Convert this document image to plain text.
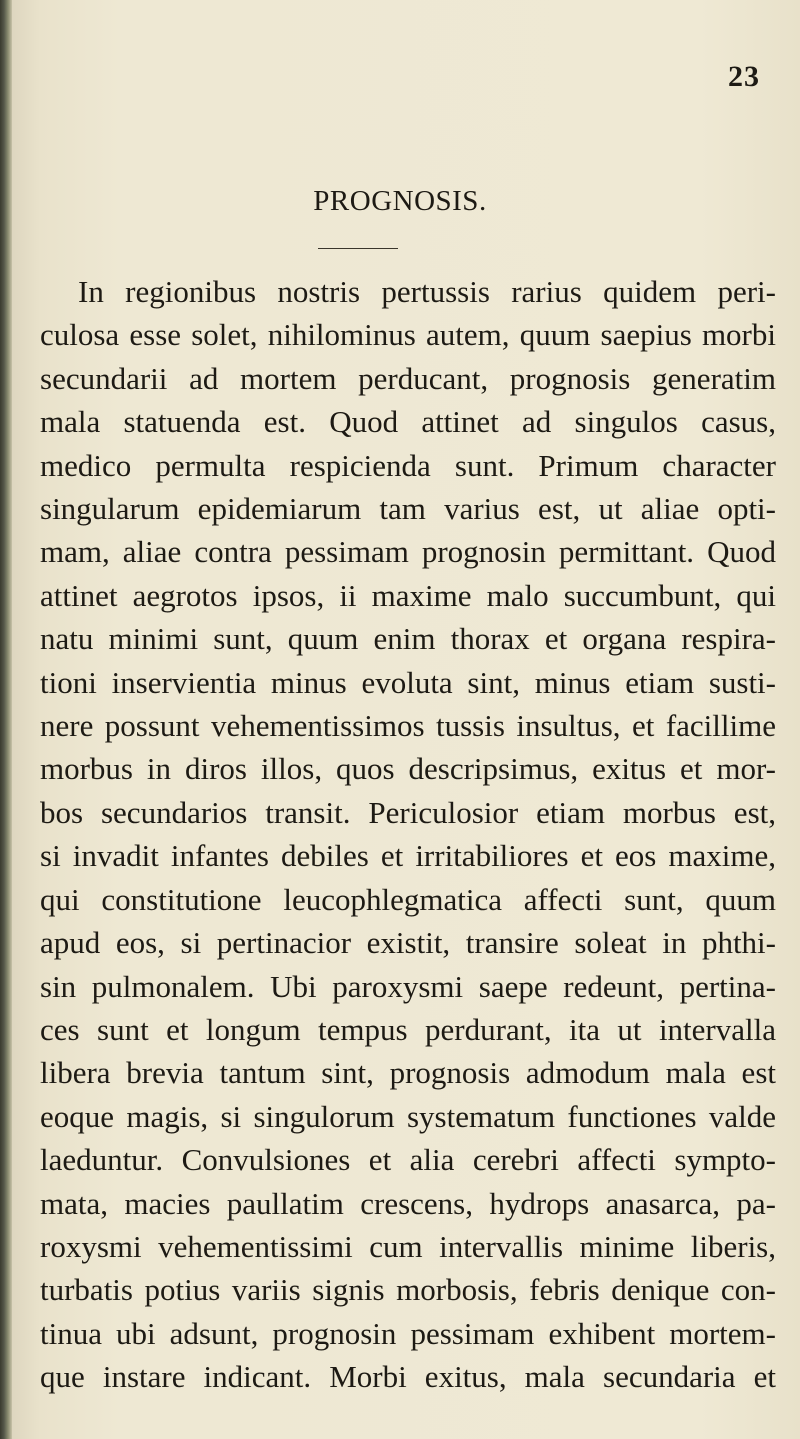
23
PROGNOSIS.
In regionibus nostris pertussis rarius quidem peri-
culosa esse solet, nihilominus autem, quum saepius morbi
secundarii ad mortem perducant, prognosis generatim
mala statuenda est. Quod attinet ad singulos casus,
medico permulta respicienda sunt. Primum character
singularum epidemiarum tam varius est, ut aliae opti-
mam, aliae contra pessimam prognosin permittant. Quod
attinet aegrotos ipsos, ii maxime malo succumbunt, qui
natu minimi sunt, quum enim thorax et organa respira-
tioni inservientia minus evoluta sint, minus etiam susti-
nere possunt vehementissimos tussis insultus, et facillime
morbus in diros illos, quos descripsimus, exitus et mor-
bos secundarios transit. Periculosior etiam morbus est,
si invadit infantes debiles et irritabiliores et eos maxime,
qui constitutione leucophlegmatica affecti sunt, quum
apud eos, si pertinacior existit, transire soleat in phthi-
sin pulmonalem. Ubi paroxysmi saepe redeunt, pertina-
ces sunt et longum tempus perdurant, ita ut intervalla
libera brevia tantum sint, prognosis admodum mala est
eoque magis, si singulorum systematum functiones valde
laeduntur. Convulsiones et alia cerebri affecti sympto-
mata, macies paullatim crescens, hydrops anasarca, pa-
roxysmi vehementissimi cum intervallis minime liberis,
turbatis potius variis signis morbosis, febris denique con-
tinua ubi adsunt, prognosin pessimam exhibent mortem-
que instare indicant. Morbi exitus, mala secundaria et
